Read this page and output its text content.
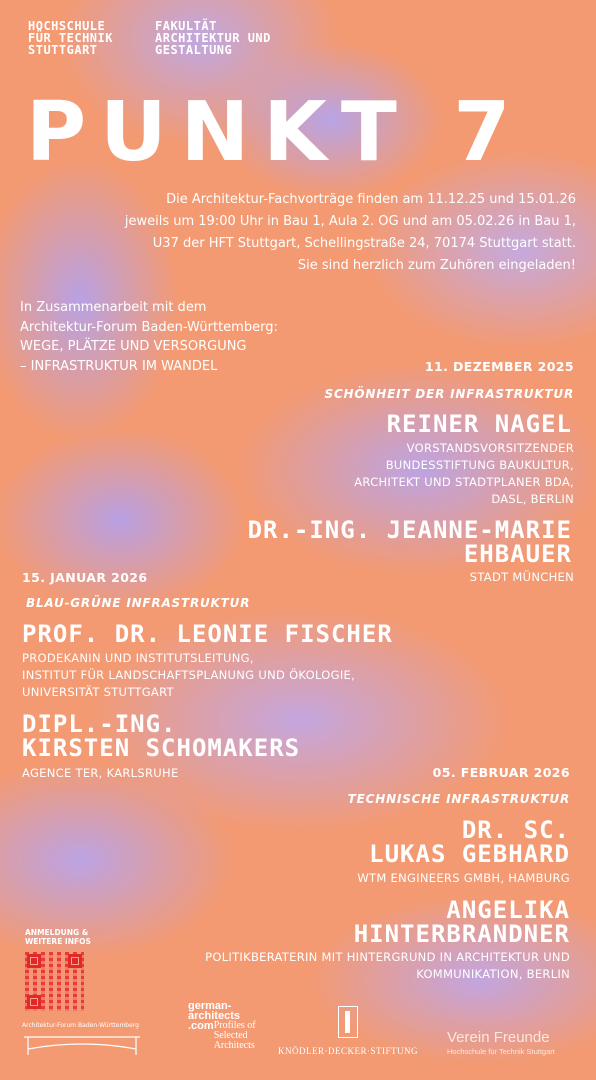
HOCHSCHULE
FÜR TECHNIK
STUTTGART
FAKULTÄT
ARCHITEKTUR UND
GESTALTUNG
PUNKT 7
Die Architektur-Fachvorträge finden am 11.12.25 und 15.01.26
jeweils um 19:00 Uhr in Bau 1, Aula 2. OG und am 05.02.26 in Bau 1,
U37 der HFT Stuttgart, Schellingstraße 24, 70174 Stuttgart statt.
Sie sind herzlich zum Zuhören eingeladen!
In Zusammenarbeit mit dem
Architektur-Forum Baden-Württemberg:
WEGE, PLÄTZE UND VERSORGUNG
– INFRASTRUKTUR IM WANDEL	11. DEZEMBER 2025
SCHÖNHEIT DER INFRASTRUKTUR
REINER NAGEL
VORSTANDSVORSITZENDER
BUNDESSTIFTUNG BAUKULTUR,
ARCHITEKT UND STADTPLANER BDA,
DASL, BERLIN
DR.-ING. JEANNE-MARIE
EHBAUER
STADT MÜNCHEN
15. JANUAR 2026
BLAU-GRÜNE INFRASTRUKTUR
PROF. DR. LEONIE FISCHER
PRODEKANIN UND INSTITUTSLEITUNG,
INSTITUT FÜR LANDSCHAFTSPLANUNG UND ÖKOLOGIE,
UNIVERSITÄT STUTTGART
DIPL.-ING.
KIRSTEN SCHOMAKERS
AGENCE TER, KARLSRUHE	05. FEBRUAR 2026
TECHNISCHE INFRASTRUKTUR
DR. SC.
LUKAS GEBHARD
WTM ENGINEERS GMBH, HAMBURG
ANGELIKA
HINTERBRANDNER
POLITIKBERATERIN MIT HINTERGRUND IN ARCHITEKTUR UND
KOMMUNIKATION, BERLIN
ANMELDUNG &
WEITERE INFOS
Architektur-Forum Baden-Württemberg
german-
architects
.com Profiles of Selected Architects	KNÖDLER·DECKER·STIFTUNG
Verein Freunde
Hochschule für Technik Stuttgart
